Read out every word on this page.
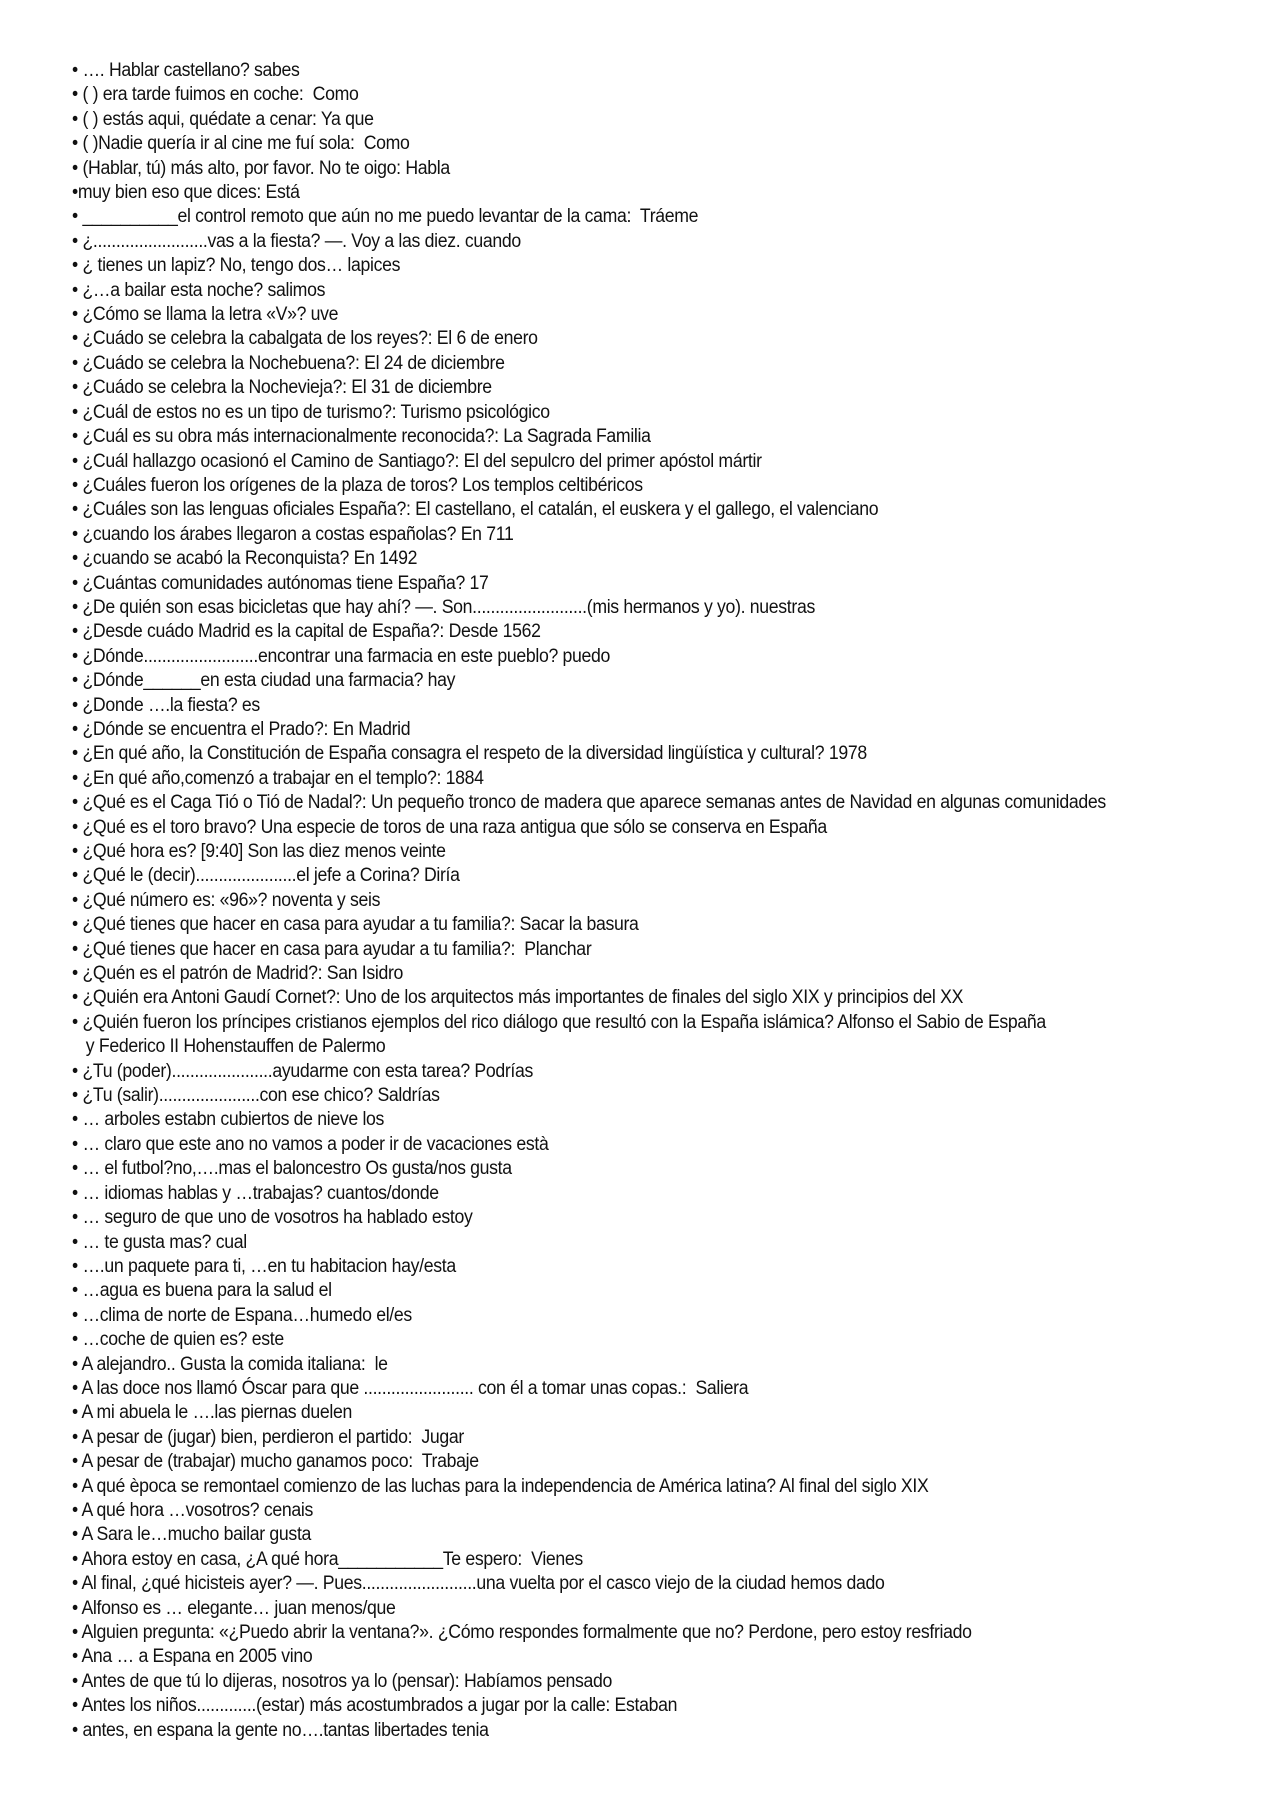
• …. Hablar castellano? sabes
• ( ) era tarde fuimos en coche:  Como
• ( ) estás aqui, quédate a cenar: Ya que
• ( )Nadie quería ir al cine me fuí sola:  Como
• (Hablar, tú) más alto, por favor. No te oigo: Habla
•muy bien eso que dices: Está
• __________el control remoto que aún no me puedo levantar de la cama:  Tráeme
• ¿.........................vas a la fiesta? —. Voy a las diez. cuando
• ¿ tienes un lapiz? No, tengo dos… lapices
• ¿…a bailar esta noche? salimos
• ¿Cómo se llama la letra «V»? uve
• ¿Cuádo se celebra la cabalgata de los reyes?: El 6 de enero
• ¿Cuádo se celebra la Nochebuena?: El 24 de diciembre
• ¿Cuádo se celebra la Nochevieja?: El 31 de diciembre
• ¿Cuál de estos no es un tipo de turismo?: Turismo psicológico
• ¿Cuál es su obra más internacionalmente reconocida?: La Sagrada Familia
• ¿Cuál hallazgo ocasionó el Camino de Santiago?: El del sepulcro del primer apóstol mártir
• ¿Cuáles fueron los orígenes de la plaza de toros? Los templos celtibéricos
• ¿Cuáles son las lenguas oficiales España?: El castellano, el catalán, el euskera y el gallego, el valenciano
• ¿cuando los árabes llegaron a costas españolas? En 711
• ¿cuando se acabó la Reconquista? En 1492
• ¿Cuántas comunidades autónomas tiene España? 17
• ¿De quién son esas bicicletas que hay ahí? —. Son.........................(mis hermanos y yo). nuestras
• ¿Desde cuádo Madrid es la capital de España?: Desde 1562
• ¿Dónde.........................encontrar una farmacia en este pueblo? puedo
• ¿Dónde______en esta ciudad una farmacia? hay
• ¿Donde ….la fiesta? es
• ¿Dónde se encuentra el Prado?: En Madrid
• ¿En qué año, la Constitución de España consagra el respeto de la diversidad lingüística y cultural? 1978
• ¿En qué año,comenzó a trabajar en el templo?: 1884
• ¿Qué es el Caga Tió o Tió de Nadal?: Un pequeño tronco de madera que aparece semanas antes de Navidad en algunas comunidades
• ¿Qué es el toro bravo? Una especie de toros de una raza antigua que sólo se conserva en España
• ¿Qué hora es? [9:40] Son las diez menos veinte
• ¿Qué le (decir)......................el jefe a Corina? Diría
• ¿Qué número es: «96»? noventa y seis
• ¿Qué tienes que hacer en casa para ayudar a tu familia?: Sacar la basura
• ¿Qué tienes que hacer en casa para ayudar a tu familia?:  Planchar
• ¿Quén es el patrón de Madrid?: San Isidro
• ¿Quién era Antoni Gaudí Cornet?: Uno de los arquitectos más importantes de finales del siglo XIX y principios del XX
• ¿Quién fueron los príncipes cristianos ejemplos del rico diálogo que resultó con la España islámica? Alfonso el Sabio de España
y Federico II Hohenstauffen de Palermo
• ¿Tu (poder)......................ayudarme con esta tarea? Podrías
• ¿Tu (salir)......................con ese chico? Saldrías
• … arboles estabn cubiertos de nieve los
• … claro que este ano no vamos a poder ir de vacaciones està
• … el futbol?no,….mas el baloncestro Os gusta/nos gusta
• … idiomas hablas y …trabajas? cuantos/donde
• … seguro de que uno de vosotros ha hablado estoy
• … te gusta mas? cual
• ….un paquete para ti, …en tu habitacion hay/esta
• …agua es buena para la salud el
• …clima de norte de Espana…humedo el/es
• …coche de quien es? este
• A alejandro.. Gusta la comida italiana:  le
• A las doce nos llamó Óscar para que ........................ con él a tomar unas copas.:  Saliera
• A mi abuela le ….las piernas duelen
• A pesar de (jugar) bien, perdieron el partido:  Jugar
• A pesar de (trabajar) mucho ganamos poco:  Trabaje
• A qué època se remontael comienzo de las luchas para la independencia de América latina? Al final del siglo XIX
• A qué hora …vosotros? cenais
• A Sara le…mucho bailar gusta
• Ahora estoy en casa, ¿A qué hora___________Te espero:  Vienes
• Al final, ¿qué hicisteis ayer? —. Pues.........................una vuelta por el casco viejo de la ciudad hemos dado
• Alfonso es … elegante… juan menos/que
• Alguien pregunta: «¿Puedo abrir la ventana?». ¿Cómo respondes formalmente que no? Perdone, pero estoy resfriado
• Ana … a Espana en 2005 vino
• Antes de que tú lo dijeras, nosotros ya lo (pensar): Habíamos pensado
• Antes los niños.............(estar) más acostumbrados a jugar por la calle: Estaban
• antes, en espana la gente no….tantas libertades tenia
